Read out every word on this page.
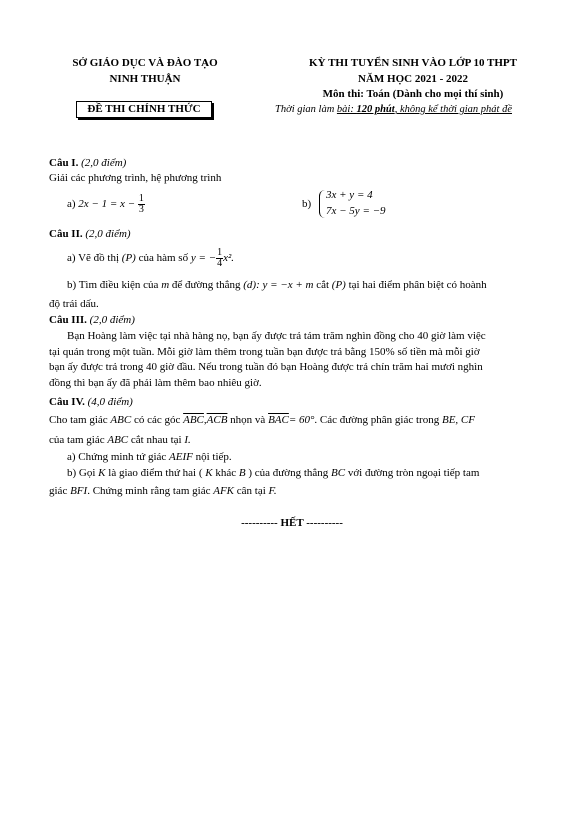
SỞ GIÁO DỤC VÀ ĐÀO TẠO
NINH THUẬN
ĐỀ THI CHÍNH THỨC
KỲ THI TUYỂN SINH VÀO LỚP 10 THPT
NĂM HỌC 2021 - 2022
Môn thi: Toán (Dành cho mọi thí sinh)
Thời gian làm bài: 120 phút, không kể thời gian phát đề
Câu I. (2,0 điểm)
Giải các phương trình, hệ phương trình
a) $2x - 1 = x - \frac{1}{3}$	b)
3x + y = 4
7x − 5y = −9
Câu II. (2,0 điểm)
a) Vẽ đồ thị (P) của hàm số y = − $\frac{1}{4} x^2$.
b) Tìm điều kiện của m để đường thẳng (d): y = −x + m cắt (P) tại hai điểm phân biệt có hoành
độ trái dấu.
Câu III. (2,0 điểm)
Bạn Hoàng làm việc tại nhà hàng nọ, bạn ấy được trả tám trăm nghìn đồng cho 40 giờ làm việc
tại quán trong một tuần. Mỗi giờ làm thêm trong tuần bạn được trả bằng 150% số tiền mà mỗi giờ
bạn ấy được trả trong 40 giờ đầu. Nếu trong tuần đó bạn Hoàng được trả chín trăm hai mươi nghìn
đồng thì bạn ấy đã phải làm thêm bao nhiêu giờ.
Câu IV. (4,0 điểm)
Cho tam giác ABC có các góc $\overline{ABC},\overline{ACB}$ nhọn và $\overline{BAC}= 60^\circ$. Các đường phân giác trong BE, CF
của tam giác ABC cắt nhau tại I.
a) Chứng minh tứ giác AEIF nội tiếp.
b) Gọi K là giao điểm thứ hai ( K khác B ) của đường thẳng BC với đường tròn ngoại tiếp tam
giác BFI. Chứng minh rằng tam giác AFK cân tại F.
---------- HẾT ----------
